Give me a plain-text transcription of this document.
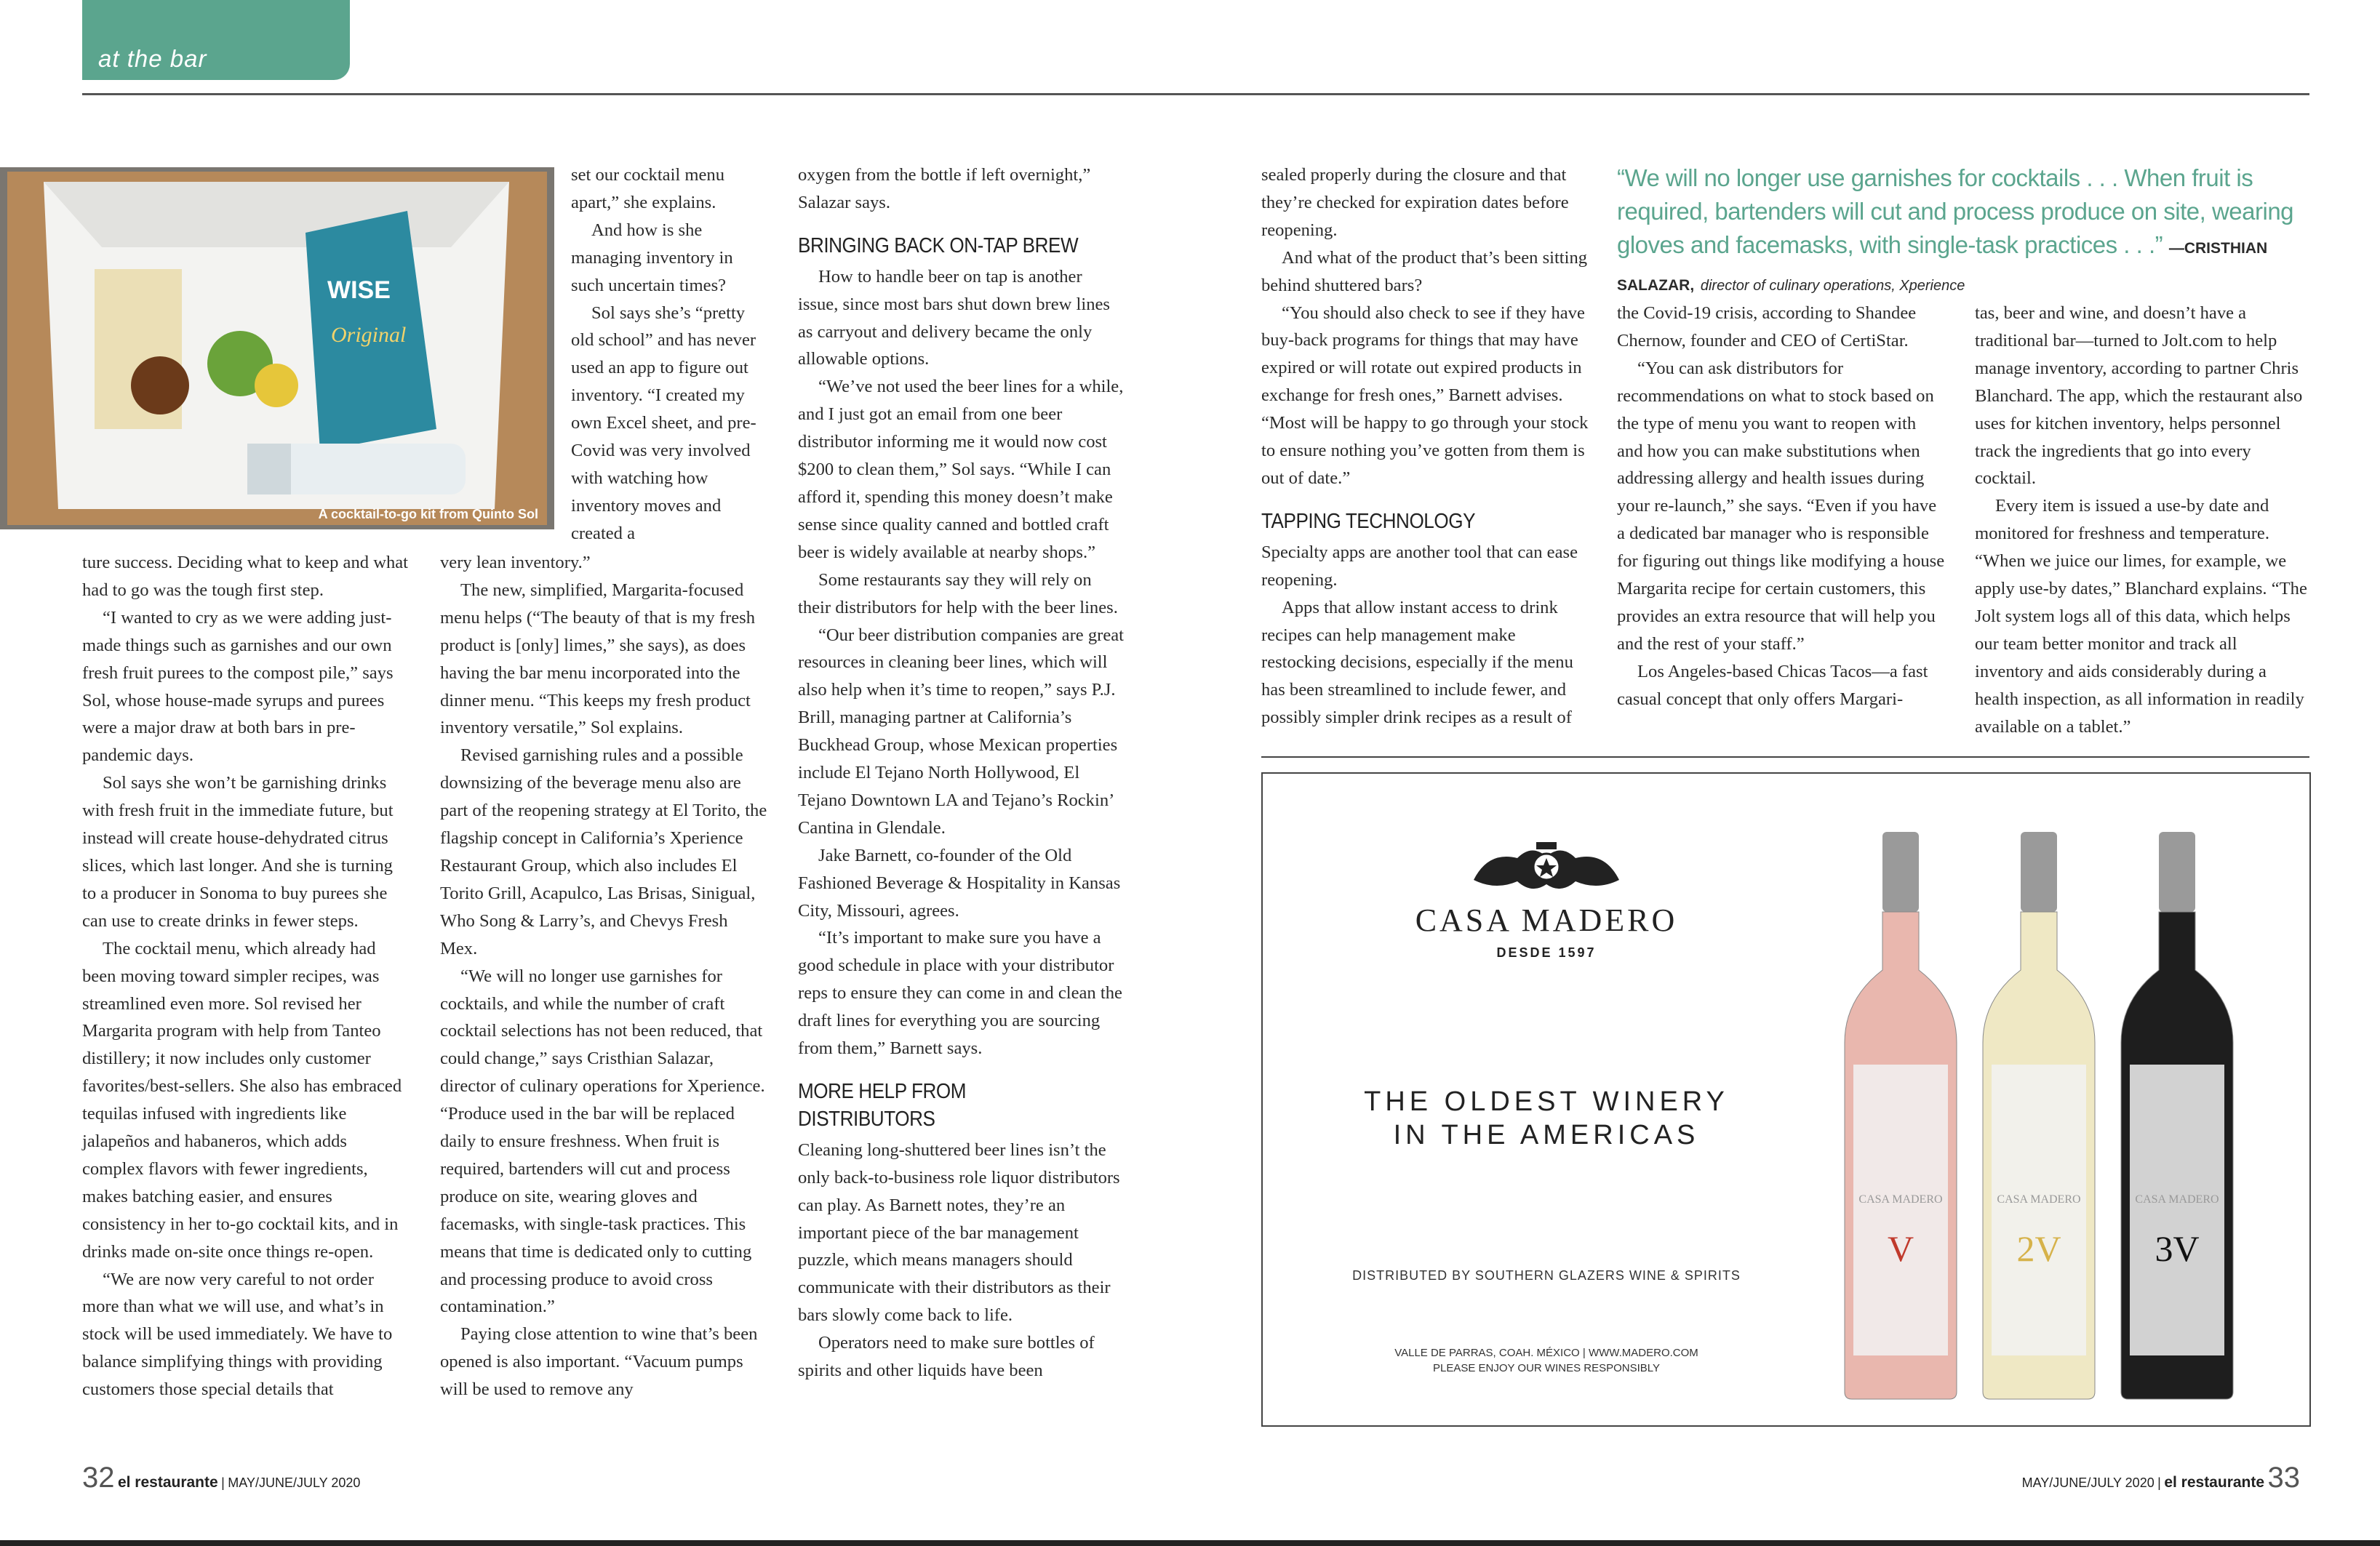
at the bar
WISE
Original
A cocktail-to-go kit from Quinto Sol

ture success. Deciding what to keep and what had to go was the tough first step.

“I wanted to cry as we were adding just-made things such as garnishes and our own fresh fruit purees to the compost pile,” says Sol, whose house-made syrups and purees were a major draw at both bars in pre-pandemic days.

Sol says she won’t be garnishing drinks with fresh fruit in the immediate future, but instead will create house-dehydrated citrus slices, which last longer. And she is turning to a producer in Sonoma to buy purees she can use to create drinks in fewer steps.

The cocktail menu, which already had been moving toward simpler recipes, was streamlined even more. Sol revised her Margarita program with help from Tanteo distillery; it now includes only customer favorites/best-sellers. She also has embraced tequilas infused with ingredients like jalapeños and habaneros, which adds complex flavors with fewer ingredients, makes batching easier, and ensures consistency in her to-go cocktail kits, and in drinks made on-site once things re-open.

“We are now very careful to not order more than what we will use, and what’s in stock will be used immediately. We have to balance simplifying things with providing customers those special details that

set our cocktail menu apart,” she explains.

And how is she managing inventory in such uncertain times?

Sol says she’s “pretty old school” and has never used an app to figure out inventory. “I created my own Excel sheet, and pre-Covid was very involved with watching how inventory moves and created a

very lean inventory.”

The new, simplified, Margarita-focused menu helps (“The beauty of that is my fresh product is [only] limes,” she says), as does having the bar menu incorporated into the dinner menu. “This keeps my fresh product inventory versatile,” Sol explains.

Revised garnishing rules and a possible downsizing of the beverage menu also are part of the reopening strategy at El Torito, the flagship concept in California’s Xperience Restaurant Group, which also includes El Torito Grill, Acapulco, Las Brisas, Sinigual, Who Song & Larry’s, and Chevys Fresh Mex.

“We will no longer use garnishes for cocktails, and while the number of craft cocktail selections has not been reduced, that could change,” says Cristhian Salazar, director of culinary operations for Xperience. “Produce used in the bar will be replaced daily to ensure freshness. When fruit is required, bartenders will cut and process produce on site, wearing gloves and facemasks, with single-task practices. This means that time is dedicated only to cutting and processing produce to avoid cross contamination.”

Paying close attention to wine that’s been opened is also important. “Vacuum pumps will be used to remove any

oxygen from the bottle if left overnight,” Salazar says.

BRINGING BACK ON-TAP BREW

How to handle beer on tap is another issue, since most bars shut down brew lines as carryout and delivery became the only allowable options.

“We’ve not used the beer lines for a while, and I just got an email from one beer distributor informing me it would now cost $200 to clean them,” Sol says. “While I can afford it, spending this money doesn’t make sense since quality canned and bottled craft beer is widely available at nearby shops.”

Some restaurants say they will rely on their distributors for help with the beer lines.

“Our beer distribution companies are great resources in cleaning beer lines, which will also help when it’s time to reopen,” says P.J. Brill, managing partner at California’s Buckhead Group, whose Mexican properties include El Tejano North Hollywood, El Tejano Downtown LA and Tejano’s Rockin’ Cantina in Glendale.

Jake Barnett, co-founder of the Old Fashioned Beverage & Hospitality in Kansas City, Missouri, agrees.

“It’s important to make sure you have a good schedule in place with your distributor reps to ensure they can come in and clean the draft lines for everything you are sourcing from them,” Barnett says.

MORE HELP FROM DISTRIBUTORS

Cleaning long-shuttered beer lines isn’t the only back-to-business role liquor distributors can play. As Barnett notes, they’re an important piece of the bar management puzzle, which means managers should communicate with their distributors as their bars slowly come back to life.

Operators need to make sure bottles of spirits and other liquids have been

sealed properly during the closure and that they’re checked for expiration dates before reopening.

And what of the product that’s been sitting behind shuttered bars?

“You should also check to see if they have buy-back programs for things that may have expired or will rotate out expired products in exchange for fresh ones,” Barnett advises. “Most will be happy to go through your stock to ensure nothing you’ve gotten from them is out of date.”

TAPPING TECHNOLOGY

Specialty apps are another tool that can ease reopening.

Apps that allow instant access to drink recipes can help management make restocking decisions, especially if the menu has been streamlined to include fewer, and possibly simpler drink recipes as a result of

the Covid-19 crisis, according to Shandee Chernow, founder and CEO of CertiStar.

“You can ask distributors for recommendations on what to stock based on the type of menu you want to reopen with and how you can make substitutions when addressing allergy and health issues during your re-launch,” she says. “Even if you have a dedicated bar manager who is responsible for figuring out things like modifying a house Margarita recipe for certain customers, this provides an extra resource that will help you and the rest of your staff.”

Los Angeles-based Chicas Tacos—a fast casual concept that only offers Margari-

tas, beer and wine, and doesn’t have a traditional bar—turned to Jolt.com to help manage inventory, according to partner Chris Blanchard. The app, which the restaurant also uses for kitchen inventory, helps personnel track the ingredients that go into every cocktail.

Every item is issued a use-by date and monitored for freshness and temperature. “When we juice our limes, for example, we apply use-by dates,” Blanchard explains. “The Jolt system logs all of this data, which helps our team better monitor and track all inventory and aids considerably during a health inspection, as all information in readily available on a tablet.”

“We will no longer use garnishes for cocktails . . . When fruit is required, bartenders will cut and process produce on site, wearing gloves and facemasks, with single-task practices . . .” —CRISTHIAN SALAZAR, director of culinary operations, Xperience
CASA MADERO
DESDE 1597
THE OLDEST WINERY
IN THE AMERICAS
DISTRIBUTED BY SOUTHERN GLAZERS WINE & SPIRITS
VALLE DE PARRAS, COAH. MÉXICO | WWW.MADERO.COM
PLEASE ENJOY OUR WINES RESPONSIBLY
CASA MADERO
V
CASA MADERO
2V
CASA MADERO
3V
32 el restaurante | MAY/JUNE/JULY 2020	MAY/JUNE/JULY 2020 | el restaurante 33
